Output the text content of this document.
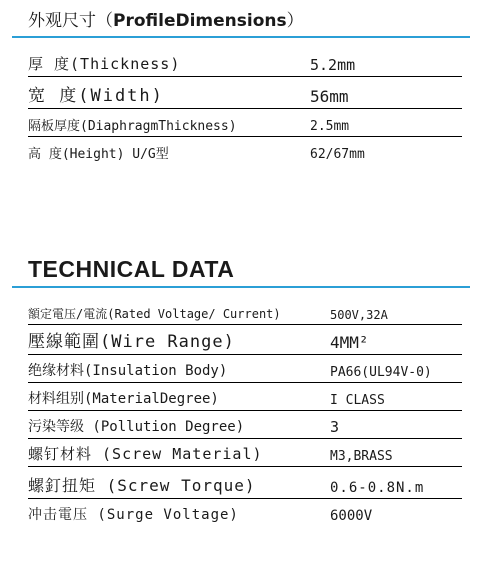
外观尺寸（ProfileDimensions）
厚 度(Thickness)	5.2mm
宽 度(Width)	56mm
隔板厚度(DiaphragmThickness)	2.5mm
高 度(Height) U/G型	62/67mm
TECHNICAL DATA
額定電压/電流(Rated Voltage/ Current)	500V,32A
壓線範圍(Wire Range)	4MM²
绝缘材料(Insulation Body)	PA66(UL94V-0)
材料组别(MaterialDegree)	I CLASS
污染等级 (Pollution Degree)	3
螺钉材料 (Screw Material)	M3,BRASS
螺釘扭矩 (Screw Torque)	0.6-0.8N.m
冲击電压 (Surge Voltage)	6000V
